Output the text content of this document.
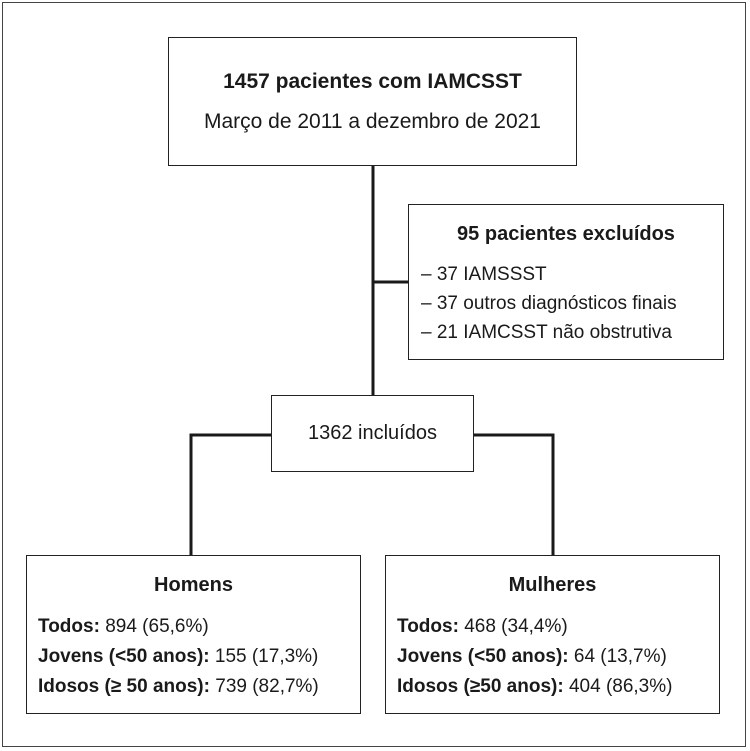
1457 pacientes com IAMCSST
Março de 2011 a dezembro de 2021
95 pacientes excluídos
– 37 IAMSSST
– 37 outros diagnósticos finais
– 21 IAMCSST não obstrutiva
1362 incluídos
Homens
Todos: 894 (65,6%)
Jovens (<50 anos): 155 (17,3%)
Idosos (≥ 50 anos): 739 (82,7%)
Mulheres
Todos: 468 (34,4%)
Jovens (<50 anos): 64 (13,7%)
Idosos (≥50 anos): 404 (86,3%)
